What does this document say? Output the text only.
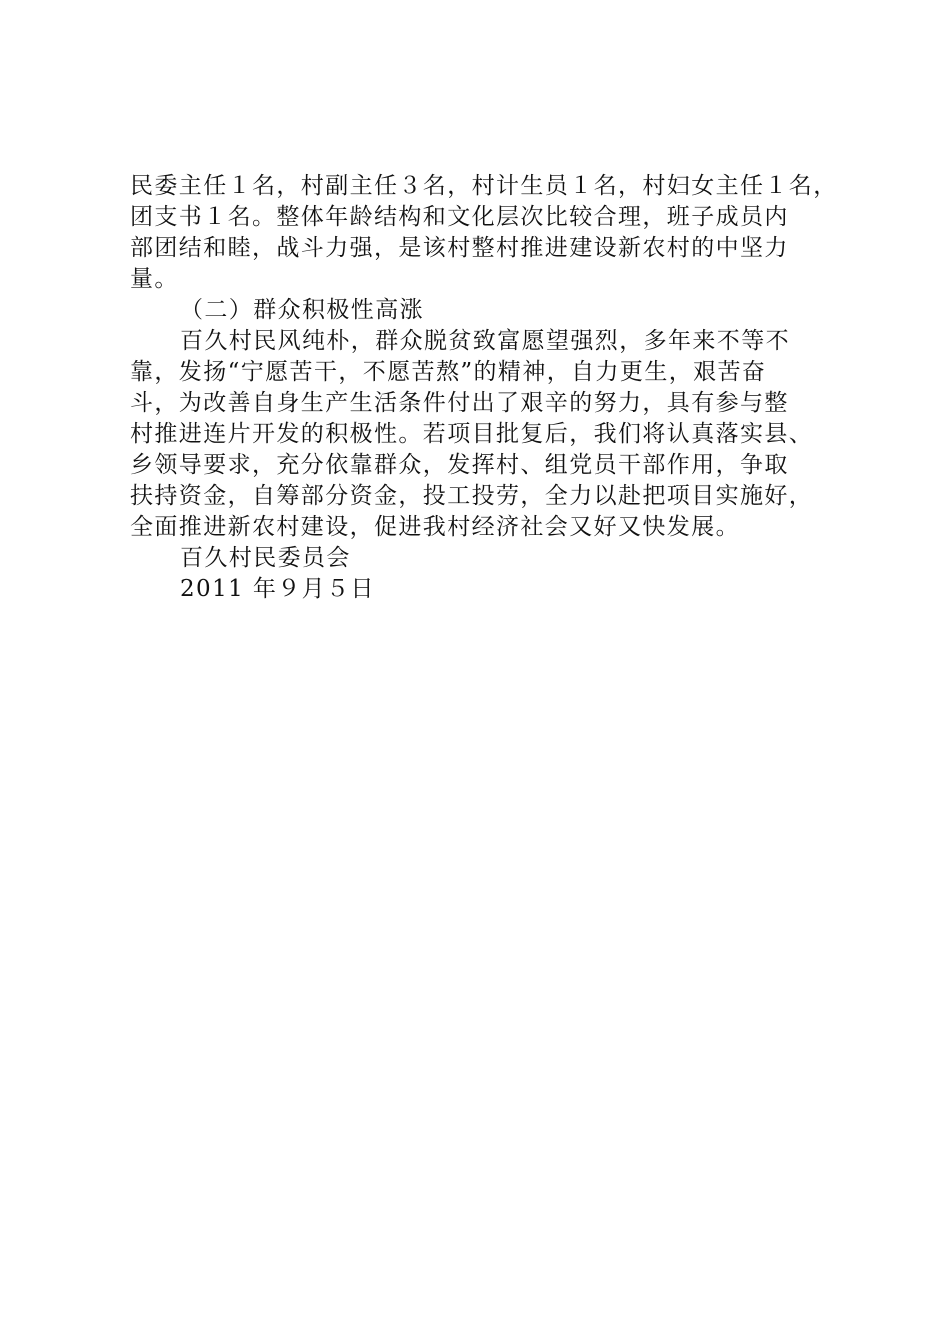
民委主任１名，村副主任３名，村计生员１名，村妇女主任１名，
团支书１名。整体年龄结构和文化层次比较合理，班子成员内
部团结和睦，战斗力强，是该村整村推进建设新农村的中坚力
量。
（二）群众积极性高涨
百久村民风纯朴，群众脱贫致富愿望强烈，多年来不等不
靠，发扬“宁愿苦干，不愿苦熬”的精神，自力更生，艰苦奋
斗，为改善自身生产生活条件付出了艰辛的努力，具有参与整
村推进连片开发的积极性。若项目批复后，我们将认真落实县、
乡领导要求，充分依靠群众，发挥村、组党员干部作用，争取
扶持资金，自筹部分资金，投工投劳，全力以赴把项目实施好，
全面推进新农村建设，促进我村经济社会又好又快发展。
百久村民委员会
2011 年９月５日
